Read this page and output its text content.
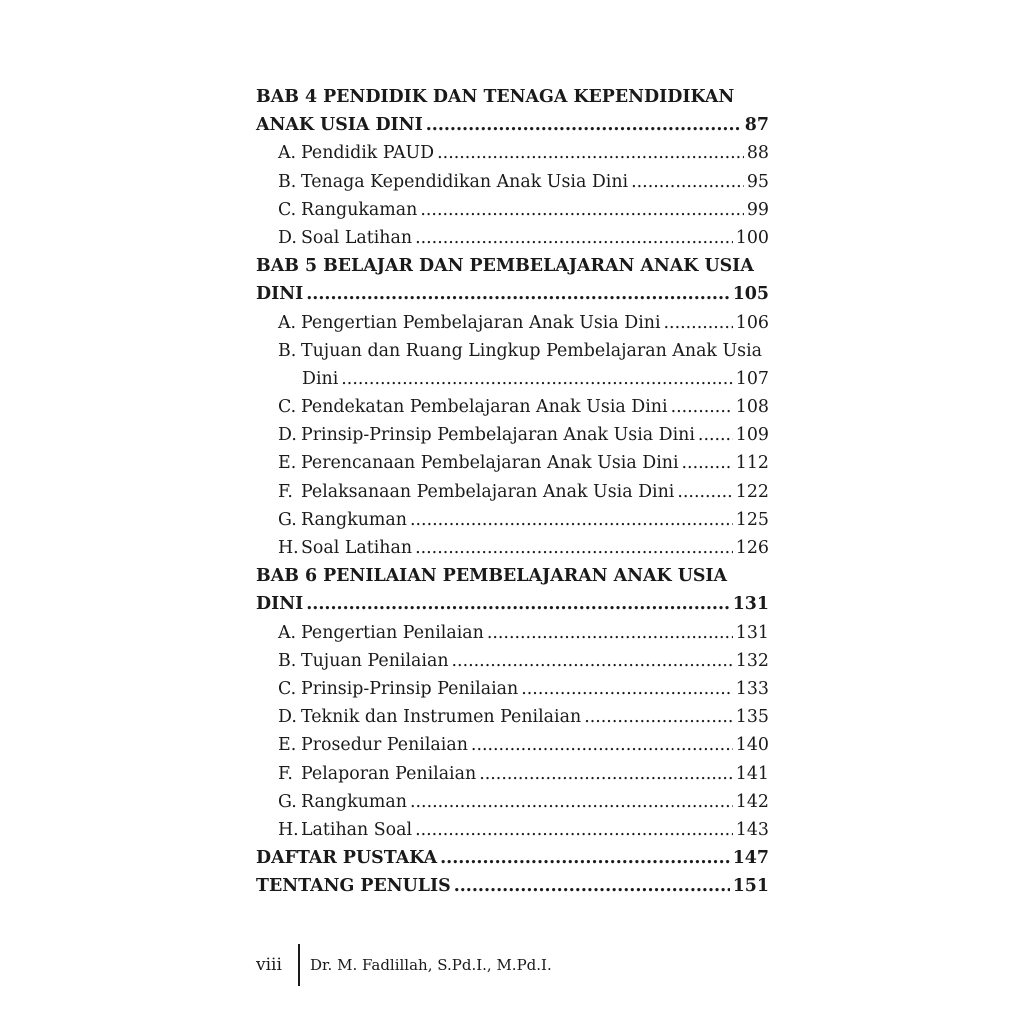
BAB 4 PENDIDIK DAN TENAGA KEPENDIDIKAN
ANAK USIA DINI .....	87
A. Pendidik PAUD .....	88
B. Tenaga Kependidikan Anak Usia Dini .....	95
C. Rangukaman .....	99
D. Soal Latihan .....	100
BAB 5 BELAJAR DAN PEMBELAJARAN ANAK USIA
DINI .....	105
A. Pengertian Pembelajaran Anak Usia Dini .....	106
B. Tujuan dan Ruang Lingkup Pembelajaran Anak Usia
Dini .....	107
C. Pendekatan Pembelajaran Anak Usia Dini .....	108
D. Prinsip-Prinsip Pembelajaran Anak Usia Dini ..... 109
E. Perencanaan Pembelajaran Anak Usia Dini .....	112
F. Pelaksanaan Pembelajaran Anak Usia Dini .....	122
G. Rangkuman .....	125
H. Soal Latihan .....	126
BAB 6 PENILAIAN PEMBELAJARAN ANAK USIA
DINI .....	131
A. Pengertian Penilaian .....	131
B. Tujuan Penilaian .....	132
C. Prinsip-Prinsip Penilaian .....	133
D. Teknik dan Instrumen Penilaian .....	135
E. Prosedur Penilaian .....	140
F. Pelaporan Penilaian .....	141
G. Rangkuman .....	142
H. Latihan Soal .....	143
DAFTAR PUSTAKA .....	147
TENTANG PENULIS .....	151
viii	Dr. M. Fadlillah, S.Pd.I., M.Pd.I.
